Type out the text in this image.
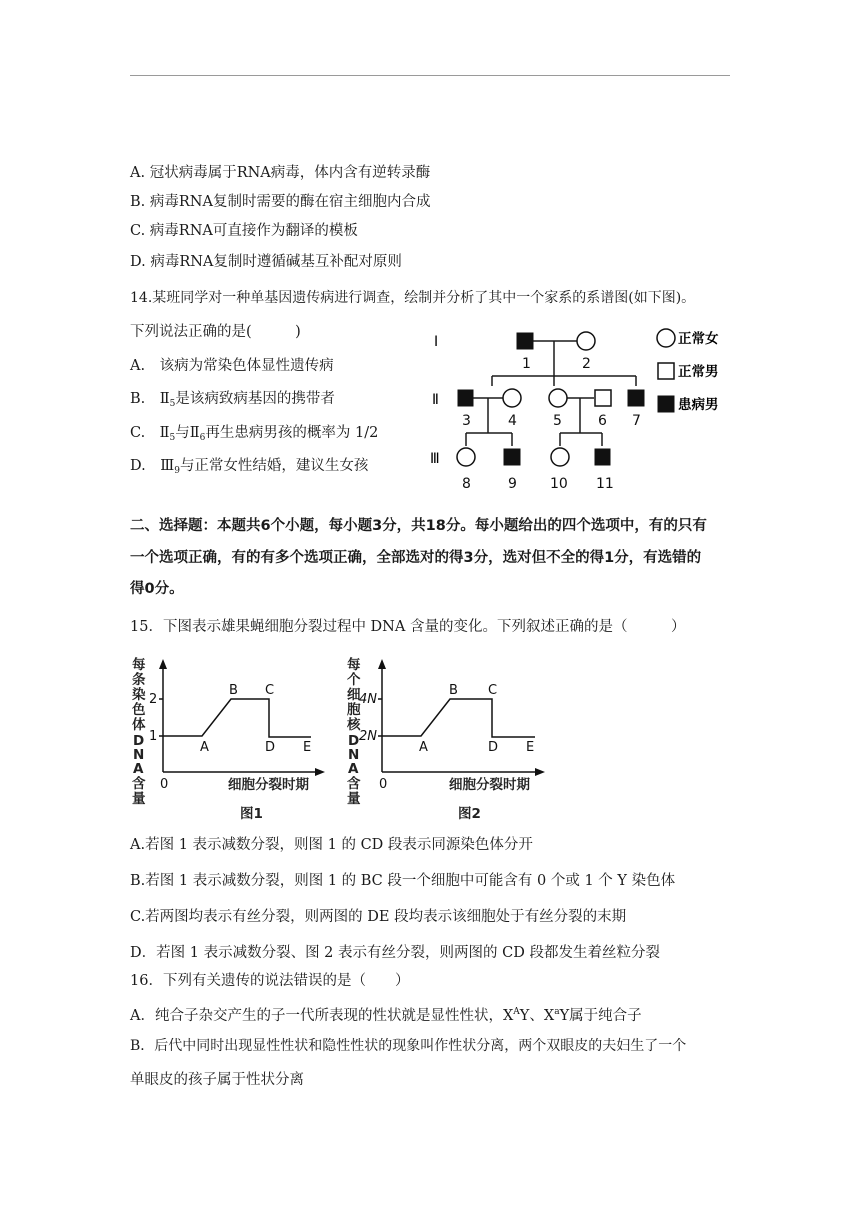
A. 冠状病毒属于RNA病毒，体内含有逆转录酶
B. 病毒RNA复制时需要的酶在宿主细胞内合成
C. 病毒RNA可直接作为翻译的模板
D. 病毒RNA复制时遵循碱基互补配对原则
14.某班同学对一种单基因遗传病进行调查，绘制并分析了其中一个家系的系谱图(如下图)。
下列说法正确的是(　　　)
A.　该病为常染色体显性遗传病
B.　$Ⅱ_5$是该病致病基因的携带者
C.　$Ⅱ_5$与$Ⅱ_6$再生患病男孩的概率为 1/2
D.　$Ⅲ_9$与正常女性结婚，建议生女孩
Ⅰ
Ⅱ
Ⅲ
1	2
3	4	5	6 7
8	9 10 11
正常女
正常男
患病男
二、选择题：本题共6个小题，每小题3分，共18分。每小题给出的四个选项中，有的只有
一个选项正确，有的有多个选项正确，全部选对的得3分，选对但不全的得1分，有选错的
得0分。
15．下图表示雄果蝇细胞分裂过程中 DNA 含量的变化。下列叙述正确的是（　　　）
每
条
染
色
体
D
N
A
含
量
2
1
0
A
B C
D E
细胞分裂时期
图1
每
个
细
胞
核
D
N
A
含
量
4N
2N
0
A
B C
D E
细胞分裂时期
图2
A.若图 1 表示减数分裂，则图 1 的 CD 段表示同源染色体分开
B.若图 1 表示减数分裂，则图 1 的 BC 段一个细胞中可能含有 0 个或 1 个 Y 染色体
C.若两图均表示有丝分裂，则两图的 DE 段均表示该细胞处于有丝分裂的末期
D．若图 1 表示减数分裂、图 2 表示有丝分裂，则两图的 CD 段都发生着丝粒分裂
16．下列有关遗传的说法错误的是（　　）
A．纯合子杂交产生的子一代所表现的性状就是显性性状，$X^AY$、$X^aY$属于纯合子
B．后代中同时出现显性性状和隐性性状的现象叫作性状分离，两个双眼皮的夫妇生了一个
单眼皮的孩子属于性状分离
